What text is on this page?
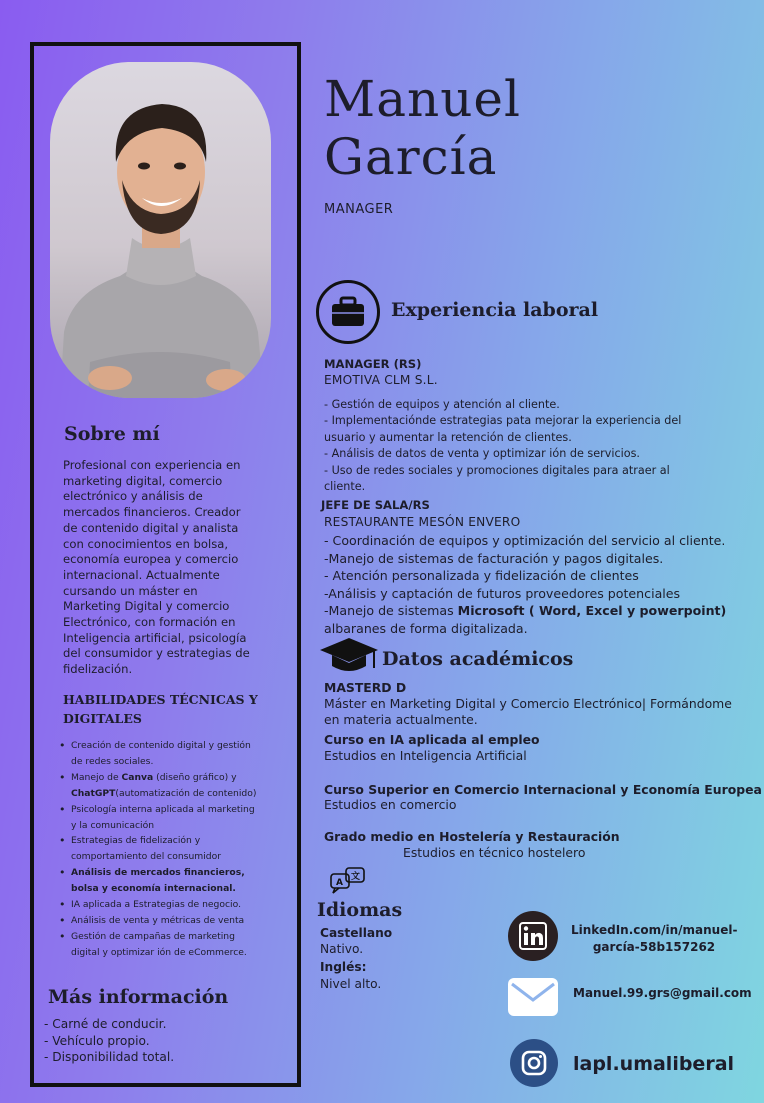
Sobre mí

Profesional con experiencia en marketing digital, comercio electrónico y análisis de mercados financieros. Creador de contenido digital y analista con conocimientos en bolsa, economía europea y comercio internacional. Actualmente cursando un máster en Marketing Digital y comercio Electrónico, con formación en Inteligencia artificial, psicología del consumidor y estrategias de fidelización.

HABILIDADES TÉCNICAS Y DIGITALES
• Creación de contenido digital y gestión de redes sociales.
• Manejo de Canva (diseño gráfico) y ChatGPT(automatización de contenido)
• Psicología interna aplicada al marketing y la comunicación
• Estrategias de fidelización y comportamiento del consumidor
• Análisis de mercados financieros, bolsa y economía internacional.
• IA aplicada a Estrategias de negocio.
• Análisis de venta y métricas de venta
• Gestión de campañas de marketing digital y optimizar ión de eCommerce.
Más información
- Carné de conducir.
- Vehículo propio.
- Disponibilidad total.
Manuel
García
MANAGER
Experiencia laboral
MANAGER (RS)
EMOTIVA CLM S.L.
- Gestión de equipos y atención al cliente.
- Implementaciónde estrategias pata mejorar la experiencia del
usuario y aumentar la retención de clientes.
- Análisis de datos de venta y optimizar ión de servicios.
- Uso de redes sociales y promociones digitales para atraer al
cliente.
JEFE DE SALA/RS
RESTAURANTE MESÓN ENVERO
- Coordinación de equipos y optimización del servicio al cliente.
-Manejo de sistemas de facturación y pagos digitales.
- Atención personalizada y fidelización de clientes
-Análisis y captación de futuros proveedores potenciales
-Manejo de sistemas Microsoft ( Word, Excel y powerpoint)
albaranes de forma digitalizada.
Datos académicos
MASTERD D
Máster en Marketing Digital y Comercio Electrónico| Formándome en materia actualmente.
Curso en IA aplicada al empleo
Estudios en Inteligencia Artificial
Curso Superior en Comercio Internacional y Economía Europea
Estudios en comercio
Grado medio en Hostelería y Restauración
Estudios en técnico hostelero
A
文
Idiomas
Castellano
Nativo.
Inglés:
Nivel alto.
LinkedIn.com/in/manuel-
garcía-58b157262
Manuel.99.grs@gmail.com
lapl.umaliberal
